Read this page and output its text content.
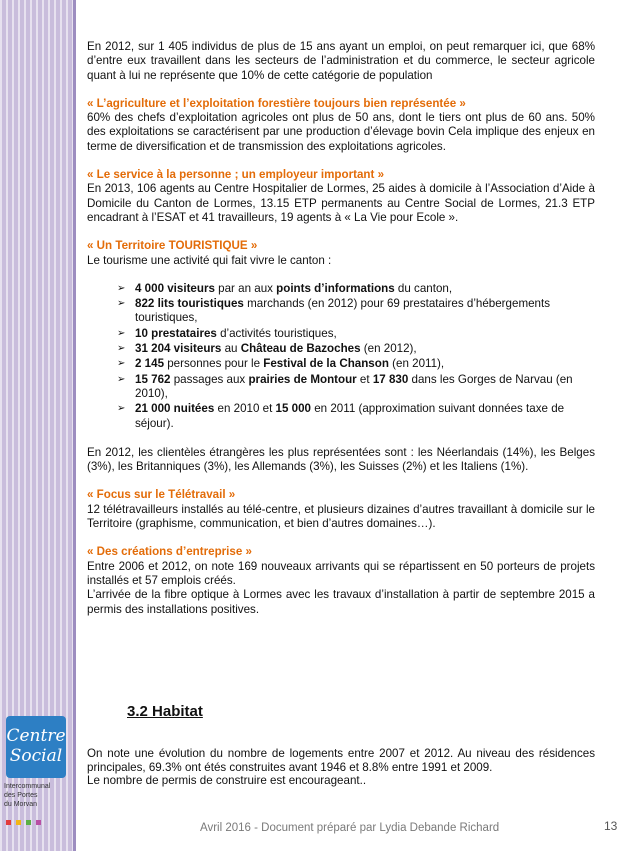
Centre
Social
Intercommunal
des Portes
du Morvan

En 2012, sur 1 405 individus de plus de 15 ans ayant un emploi, on peut remarquer ici, que 68% d’entre eux travaillent dans les secteurs de l’administration et du commerce, le secteur agricole quant à lui ne représente que 10% de cette catégorie de population

« L’agriculture et l’exploitation forestière toujours bien représentée »

60% des chefs d’exploitation agricoles ont plus de 50 ans, dont le tiers ont plus de 60 ans. 50% des exploitations se caractérisent par une production d’élevage bovin Cela implique des enjeux en terme de diversification et de transmission des exploitations agricoles.

« Le service à la personne ; un employeur important »

En 2013, 106 agents au Centre Hospitalier de Lormes, 25 aides à domicile à l’Association d’Aide à Domicile du Canton de Lormes, 13.15 ETP permanents au Centre Social de Lormes, 21.3 ETP encadrant à l’ESAT et 41 travailleurs, 19 agents à « La Vie pour Ecole ».

« Un Territoire TOURISTIQUE »

Le tourisme une activité qui fait vivre le canton :

➢ 4 000 visiteurs par an aux points d’informations du canton,
➢ 822 lits touristiques marchands (en 2012) pour 69 prestataires d’hébergements touristiques,
➢ 10 prestataires d’activités touristiques,
➢ 31 204 visiteurs au Château de Bazoches (en 2012),
➢ 2 145 personnes pour le Festival de la Chanson (en 2011),
➢ 15 762 passages aux prairies de Montour et 17 830 dans les Gorges de Narvau (en 2010),
➢ 21 000 nuitées en 2010 et 15 000 en 2011 (approximation suivant données taxe de séjour).

En 2012, les clientèles étrangères les plus représentées sont : les Néerlandais (14%), les Belges (3%), les Britanniques (3%), les Allemands (3%), les Suisses (2%) et les Italiens (1%).

« Focus sur le Télétravail »

12 télétravailleurs installés au télé-centre, et plusieurs dizaines d’autres travaillant à domicile sur le Territoire (graphisme, communication, et bien d’autres domaines…).

« Des créations d’entreprise »

Entre 2006 et 2012, on note 169 nouveaux arrivants qui se répartissent en 50 porteurs de projets installés et 57 emplois créés.

L’arrivée de la fibre optique à Lormes avec les travaux d’installation à partir de septembre 2015 a permis des installations positives.

3.2 Habitat

On note une évolution du nombre de logements entre 2007 et 2012. Au niveau des résidences principales, 69.3% ont étés construites avant 1946 et 8.8% entre 1991 et 2009.

Le nombre de permis de construire est encourageant..

Avril 2016 - Document préparé par Lydia Debande Richard	13
